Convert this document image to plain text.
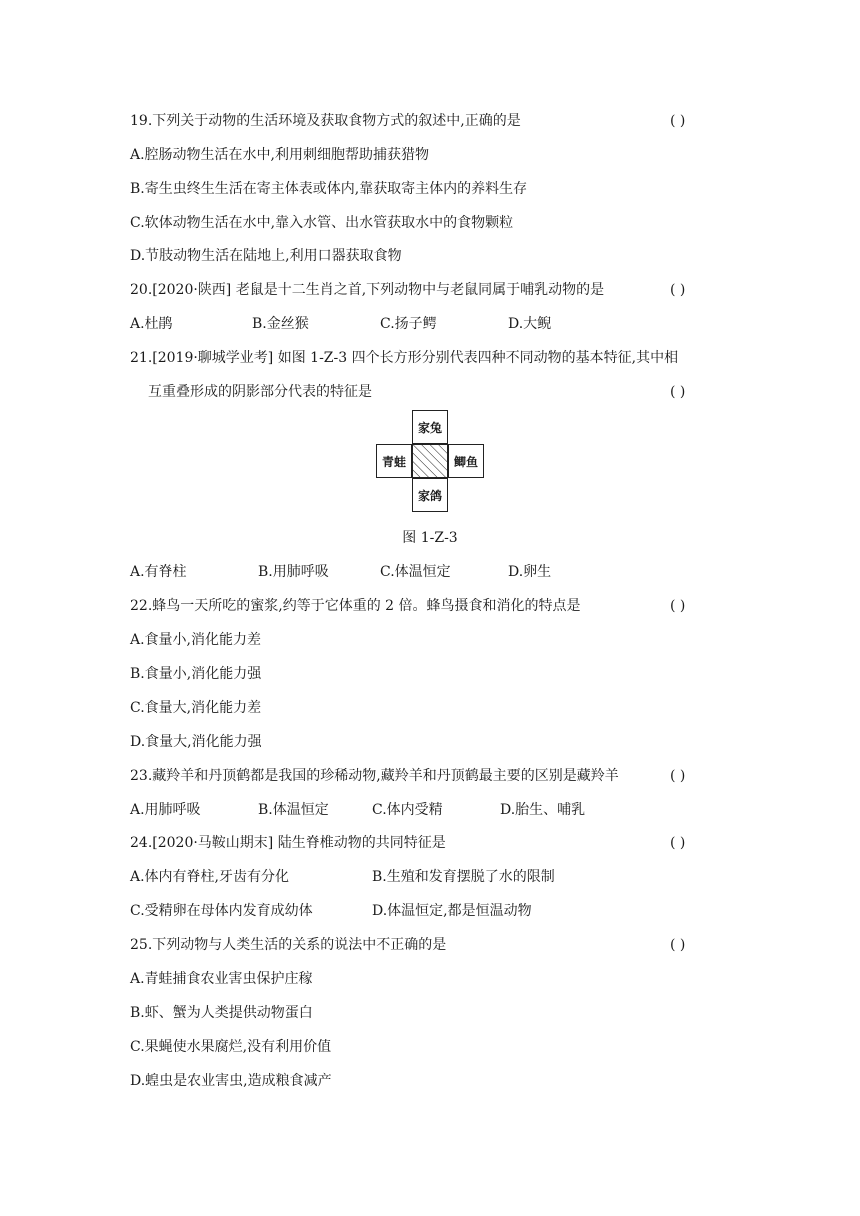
19.下列关于动物的生活环境及获取食物方式的叙述中,正确的是	( )
A.腔肠动物生活在水中,利用刺细胞帮助捕获猎物
B.寄生虫终生生活在寄主体表或体内,靠获取寄主体内的养料生存
C.软体动物生活在水中,靠入水管、出水管获取水中的食物颗粒
D.节肢动物生活在陆地上,利用口器获取食物
20.[2020·陕西] 老鼠是十二生肖之首,下列动物中与老鼠同属于哺乳动物的是	( )
A.杜鹃	B.金丝猴	C.扬子鳄	D.大鲵
21.[2019·聊城学业考] 如图 1-Z-3 四个长方形分别代表四种不同动物的基本特征,其中相
互重叠形成的阴影部分代表的特征是	( )
家兔
青蛙	鲫鱼
家鸽
图 1-Z-3
A.有脊柱	B.用肺呼吸	C.体温恒定	D.卵生
22.蜂鸟一天所吃的蜜浆,约等于它体重的 2 倍。蜂鸟摄食和消化的特点是	( )
A.食量小,消化能力差
B.食量小,消化能力强
C.食量大,消化能力差
D.食量大,消化能力强
23.藏羚羊和丹顶鹤都是我国的珍稀动物,藏羚羊和丹顶鹤最主要的区别是藏羚羊	( )
A.用肺呼吸	B.体温恒定	C.体内受精	D.胎生、哺乳
24.[2020·马鞍山期末] 陆生脊椎动物的共同特征是	( )
A.体内有脊柱,牙齿有分化	B.生殖和发育摆脱了水的限制
C.受精卵在母体内发育成幼体	D.体温恒定,都是恒温动物
25.下列动物与人类生活的关系的说法中不正确的是	( )
A.青蛙捕食农业害虫保护庄稼
B.虾、蟹为人类提供动物蛋白
C.果蝇使水果腐烂,没有利用价值
D.蝗虫是农业害虫,造成粮食减产
